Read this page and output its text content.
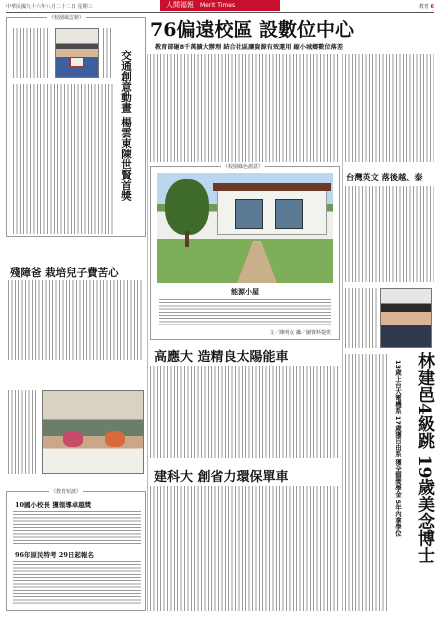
中華民國九十六年八月二十二日 星期三	人間福報 Merit Times	教育 6
76偏遠校區 設數位中心
教育部砸8千萬擴大辦理 結合社區讓資源有效運用 縮小城鄉數位落差
《校園風雲榜》
交通創意動畫 楊雲東陳世賢首獎
殘障爸 栽培兒子費苦心
《教育短波》
10國小校長 獲領導卓越獎
96年原民特考 29日起報名
《校園綠色創意》
能源小屋
文／陳明女 攝／圖資料提供
高應大 造精良太陽能車
建科大 創省力環保單車
台灣英文 落後越、泰
林建邑4級跳 19歲美念博士
13歲上台大電機系 17歲獲自由系 獲全額獎學金 5年內拿學位
